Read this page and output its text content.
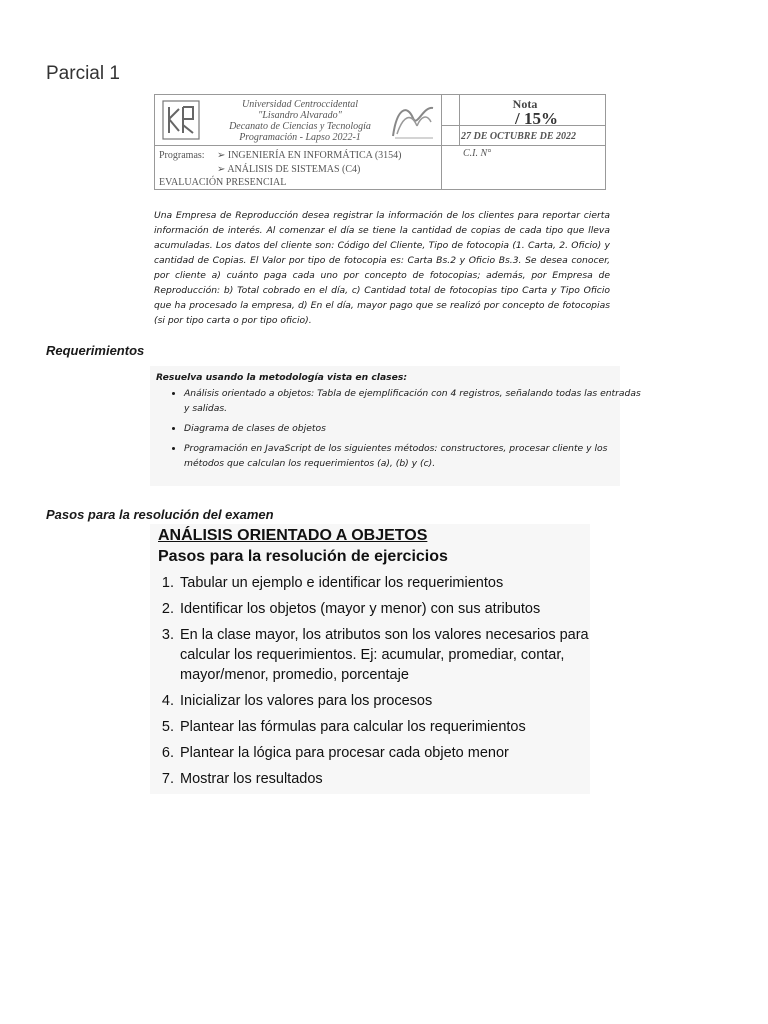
Parcial 1
Universidad Centroccidental
"Lisandro Alvarado"
Decanato de Ciencias y Tecnología
Programación - Lapso 2022-1
Nota
/ 15%
27 DE OCTUBRE DE 2022
Programas: ➢ INGENIERÍA EN INFORMÁTICA (3154)
➢ ANÁLISIS DE SISTEMAS (C4)
EVALUACIÓN PRESENCIAL
C.I. N°
Una Empresa de Reproducción desea registrar la información de los clientes para reportar cierta información de interés. Al comenzar el día se tiene la cantidad de copias de cada tipo que lleva acumuladas. Los datos del cliente son: Código del Cliente, Tipo de fotocopia (1. Carta, 2. Oficio) y cantidad de Copias. El Valor por tipo de fotocopia es: Carta Bs.2 y Oficio Bs.3. Se desea conocer, por cliente a) cuánto paga cada uno por concepto de fotocopias; además, por Empresa de Reproducción: b) Total cobrado en el día, c) Cantidad total de fotocopias tipo Carta y Tipo Oficio que ha procesado la empresa, d) En el día, mayor pago que se realizó por concepto de fotocopias (si por tipo carta o por tipo oficio).
Requerimientos
Resuelva usando la metodología vista en clases:
• Análisis orientado a objetos: Tabla de ejemplificación con 4 registros, señalando todas las entradas y salidas.
• Diagrama de clases de objetos
• Programación en JavaScript de los siguientes métodos: constructores, procesar cliente y los métodos que calculan los requerimientos (a), (b) y (c).
Pasos para la resolución del examen
ANÁLISIS ORIENTADO A OBJETOS
Pasos para la resolución de ejercicios
1. Tabular un ejemplo e identificar los requerimientos
2. Identificar los objetos (mayor y menor) con sus atributos
3. En la clase mayor, los atributos son los valores necesarios para calcular los requerimientos. Ej: acumular, promediar, contar, mayor/menor, promedio, porcentaje
4. Inicializar los valores para los procesos
5. Plantear las fórmulas para calcular los requerimientos
6. Plantear la lógica para procesar cada objeto menor
7. Mostrar los resultados
